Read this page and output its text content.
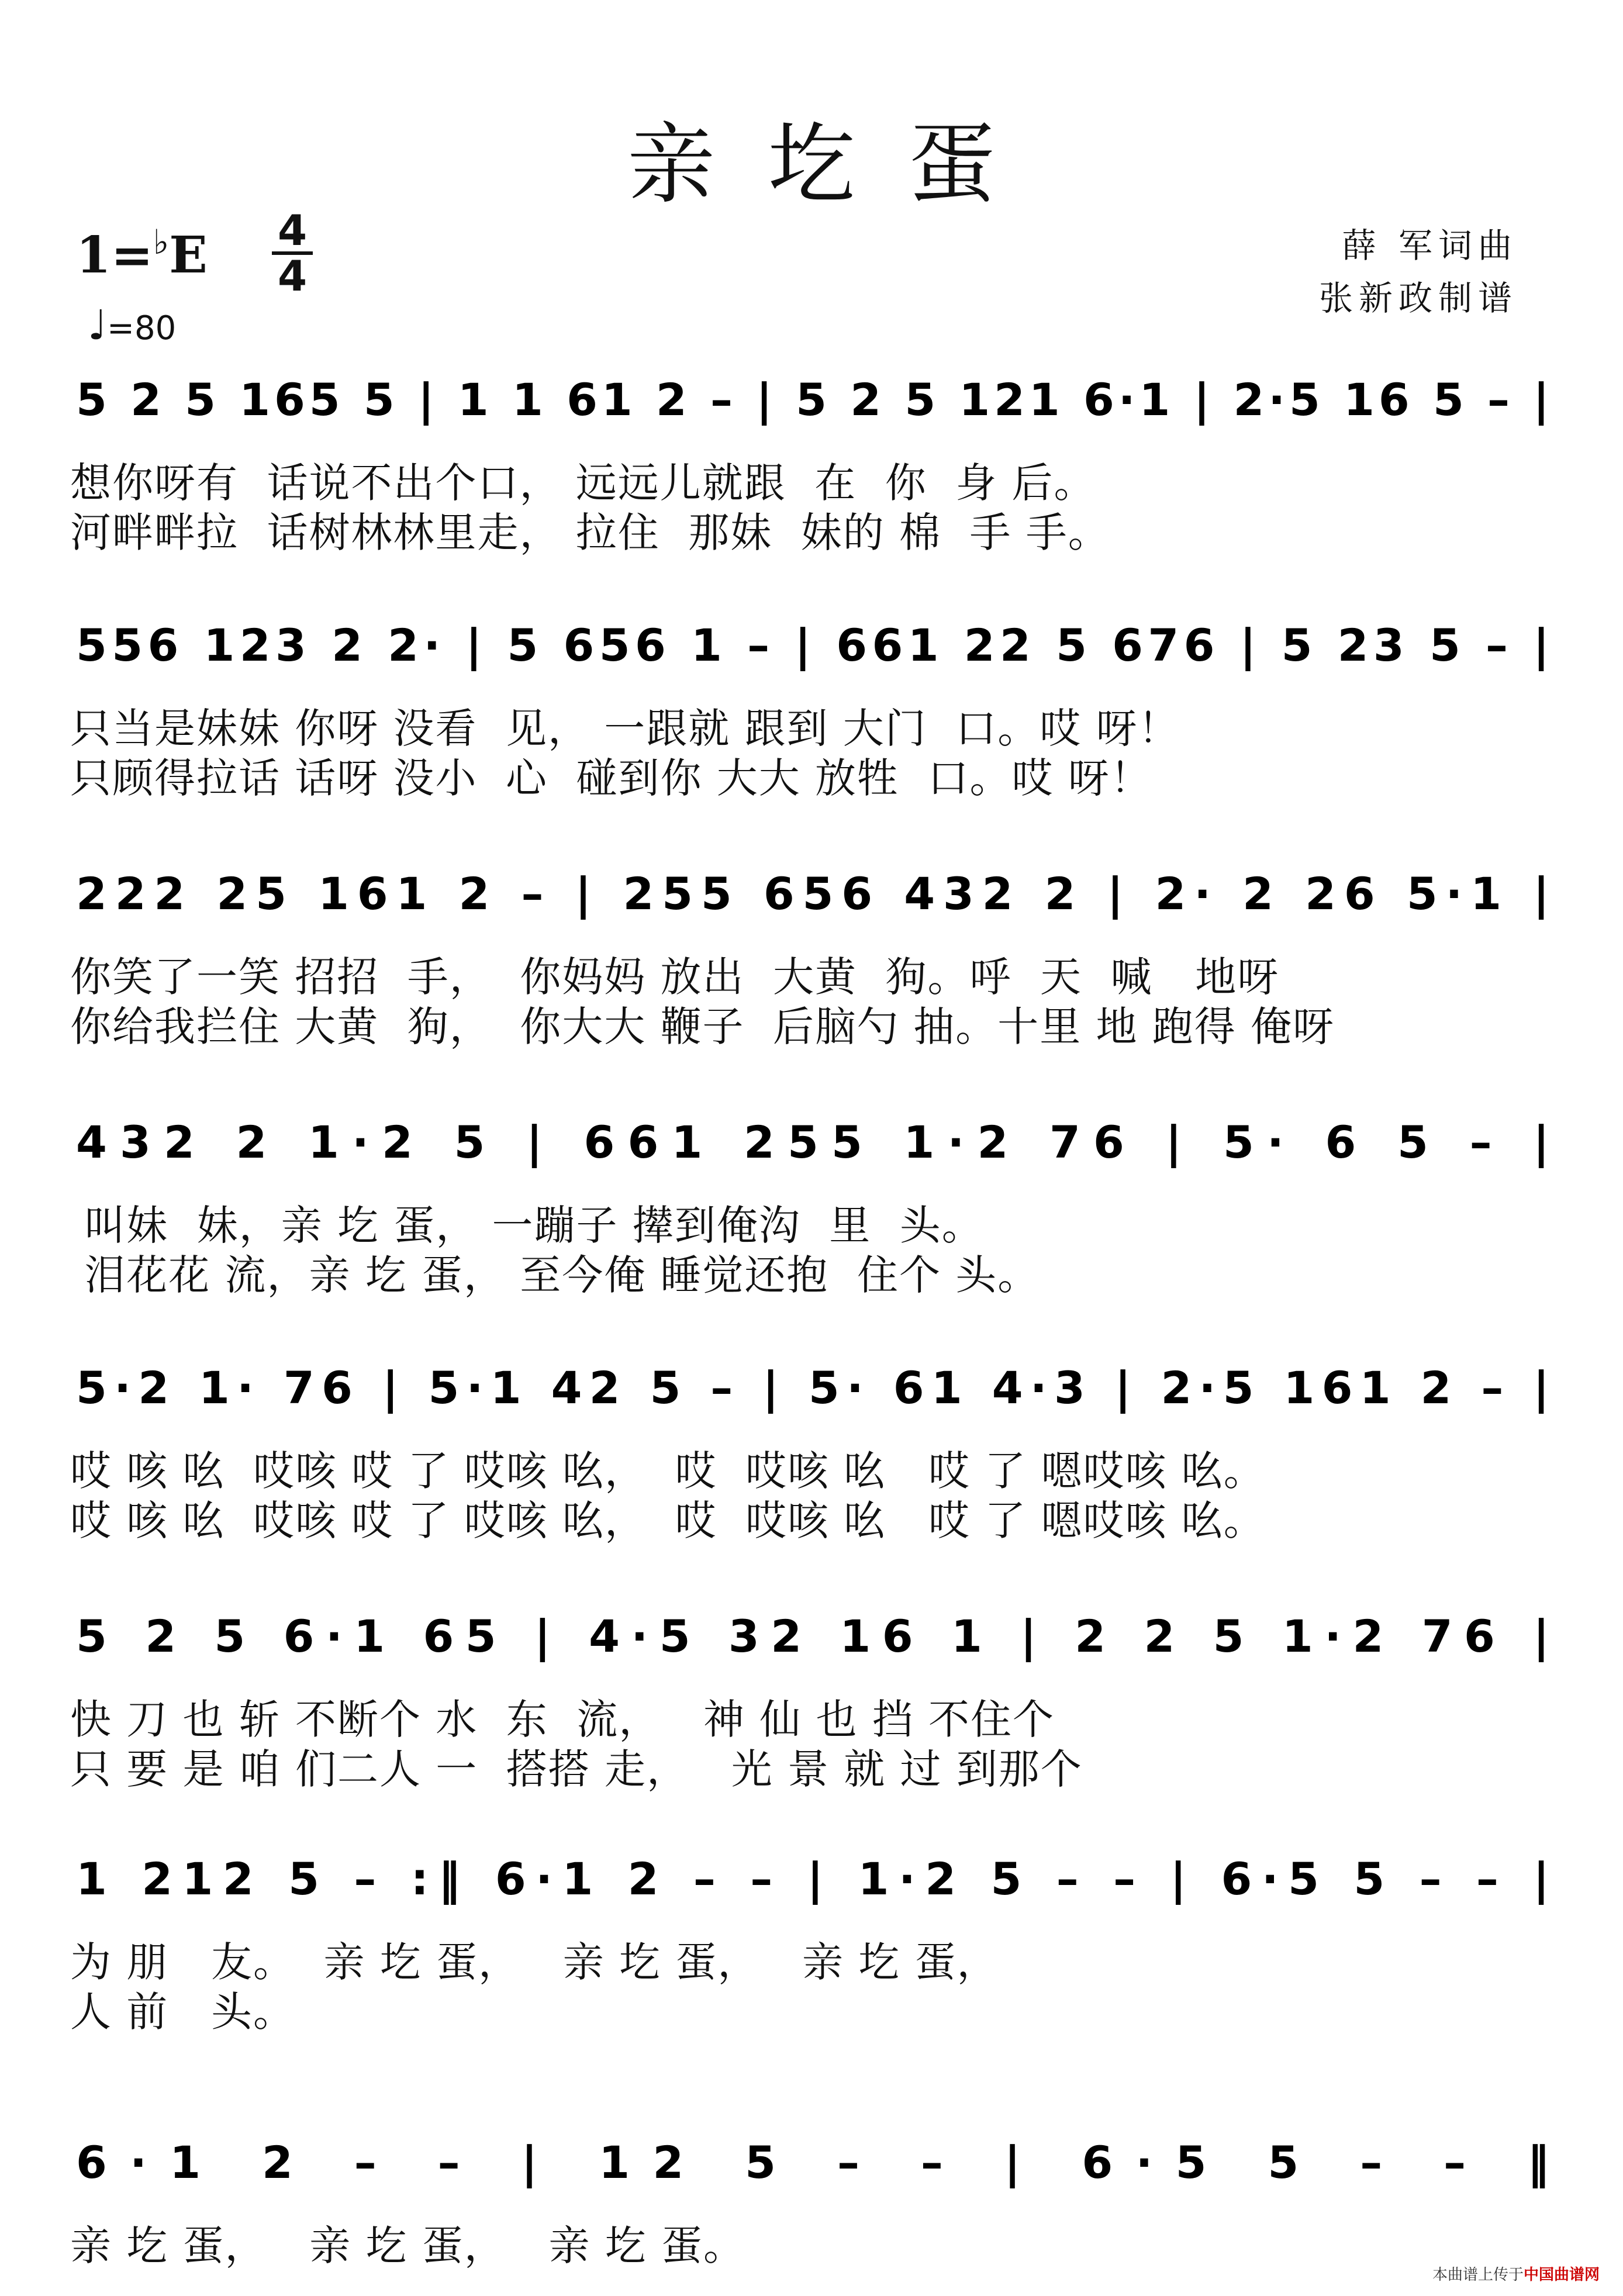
亲圪蛋
1=♭E 4
4
♩=80
薛 军词曲
张新政制谱
5 2 5 165 5 | 1 1 61 2 – | 5 2 5 121 6·1 | 2·5 16 5 – |
想你呀有  话说不出个口， 远远儿就跟  在  你  身 后。
河畔畔拉  话树林林里走， 拉住  那妹  妹的 棉  手 手。
556 123 2 2· | 5 656 1 – | 661 22 5 676 | 5 23 5 – |
只当是妹妹 你呀 没看  见， 一跟就 跟到 大门  口。哎 呀！
只顾得拉话 话呀 没小  心  碰到你 大大 放牲  口。哎 呀！
222 25 161 2 – | 255 656 432 2 | 2· 2 26 5·1 |
你笑了一笑 招招  手，  你妈妈 放出  大黄  狗。呼  天  喊   地呀
你给我拦住 大黄  狗，  你大大 鞭子  后脑勺 抽。十里 地 跑得 俺呀
432 2 1·2 5 | 661 255 1·2 76 | 5· 6 5 – |
叫妹  妹，亲 圪 蛋， 一蹦子 撵到俺沟  里  头。
泪花花 流，亲 圪 蛋， 至今俺 睡觉还抱  住个 头。
5·2 1· 76 | 5·1 42 5 – | 5· 61 4·3 | 2·5 161 2 – |
哎 咳 吆  哎咳 哎 了 哎咳 吆，  哎  哎咳 吆   哎 了 嗯哎咳 吆。
哎 咳 吆  哎咳 哎 了 哎咳 吆，  哎  哎咳 吆   哎 了 嗯哎咳 吆。
5 2 5 6·1 65 | 4·5 32 16 1 | 2 2 5 1·2 76 |
快 刀 也 斩 不断个 水  东  流，   神 仙 也 挡 不住个
只 要 是 咱 们二人 一  搭搭 走，   光 景 就 过 到那个
1 212 5 – :‖ 6·1 2 – – | 1·2 5 – – | 6·5 5 – – |
为 朋   友。  亲 圪 蛋，   亲 圪 蛋，   亲 圪 蛋，
人 前   头。
6·1 2 – – | 12 5 – – | 6·5 5 – – ‖
亲 圪 蛋，   亲 圪 蛋，   亲 圪 蛋。
本曲谱上传于中国曲谱网
